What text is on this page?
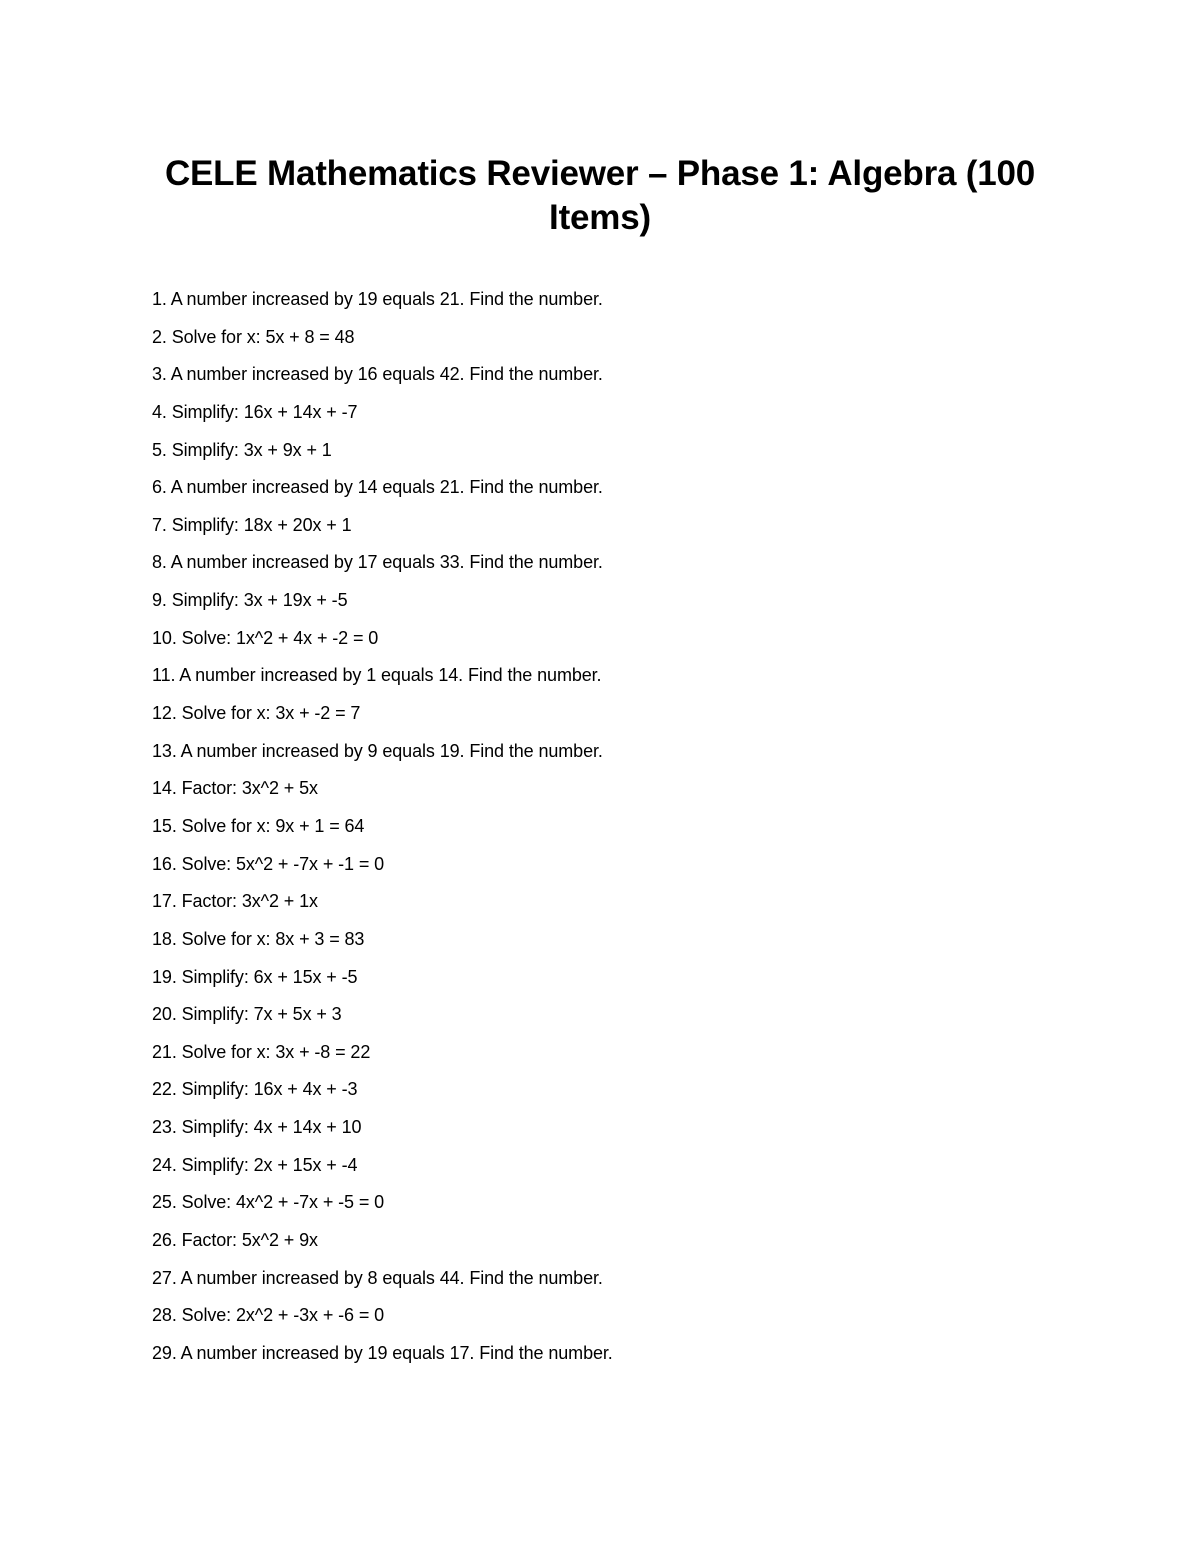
CELE Mathematics Reviewer – Phase 1: Algebra (100 Items)
1. A number increased by 19 equals 21. Find the number.
2. Solve for x: 5x + 8 = 48
3. A number increased by 16 equals 42. Find the number.
4. Simplify: 16x + 14x + -7
5. Simplify: 3x + 9x + 1
6. A number increased by 14 equals 21. Find the number.
7. Simplify: 18x + 20x + 1
8. A number increased by 17 equals 33. Find the number.
9. Simplify: 3x + 19x + -5
10. Solve: 1x^2 + 4x + -2 = 0
11. A number increased by 1 equals 14. Find the number.
12. Solve for x: 3x + -2 = 7
13. A number increased by 9 equals 19. Find the number.
14. Factor: 3x^2 + 5x
15. Solve for x: 9x + 1 = 64
16. Solve: 5x^2 + -7x + -1 = 0
17. Factor: 3x^2 + 1x
18. Solve for x: 8x + 3 = 83
19. Simplify: 6x + 15x + -5
20. Simplify: 7x + 5x + 3
21. Solve for x: 3x + -8 = 22
22. Simplify: 16x + 4x + -3
23. Simplify: 4x + 14x + 10
24. Simplify: 2x + 15x + -4
25. Solve: 4x^2 + -7x + -5 = 0
26. Factor: 5x^2 + 9x
27. A number increased by 8 equals 44. Find the number.
28. Solve: 2x^2 + -3x + -6 = 0
29. A number increased by 19 equals 17. Find the number.
